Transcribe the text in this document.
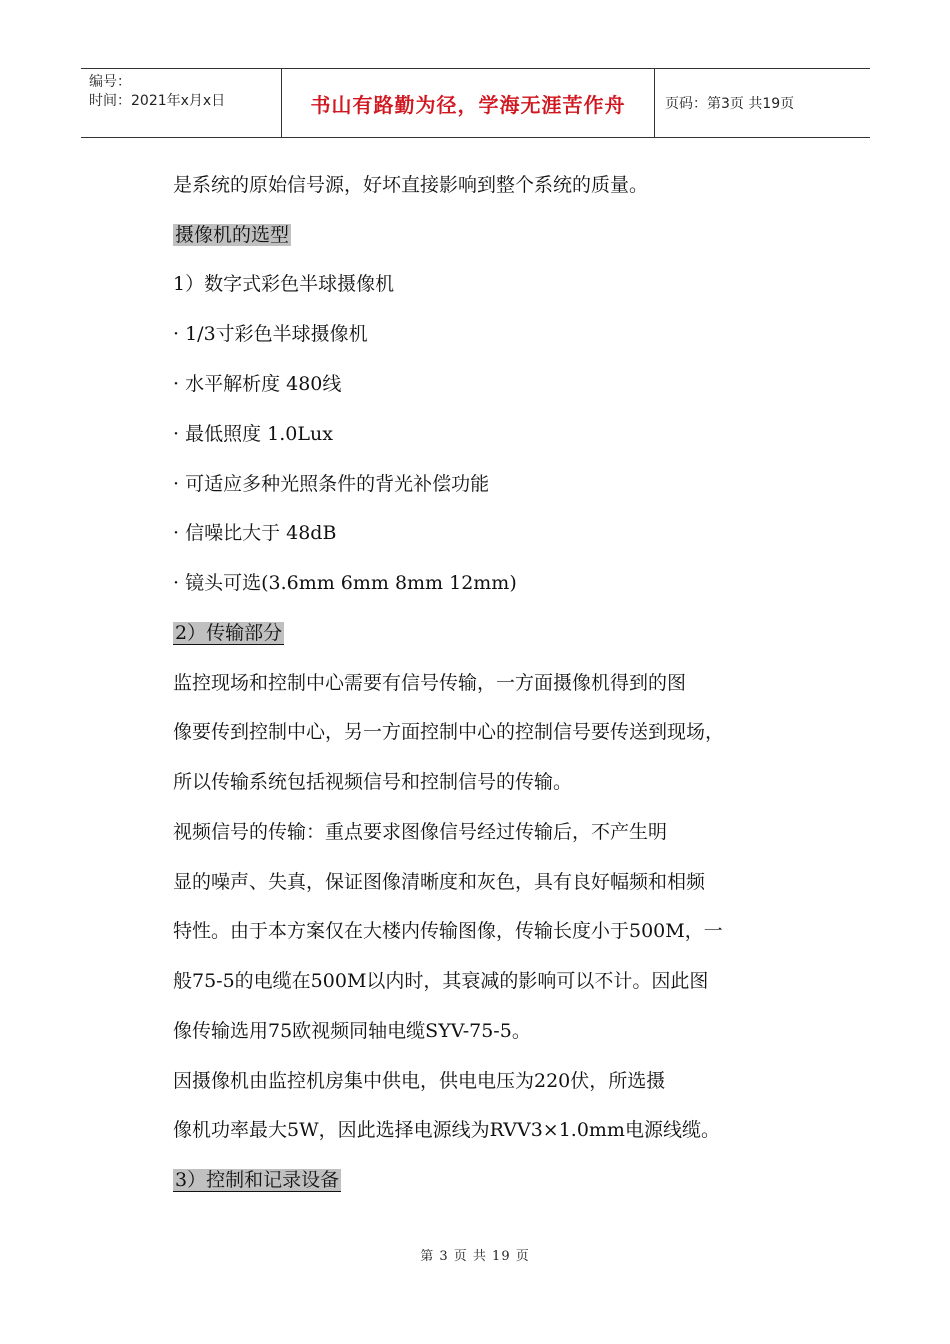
编号：
时间：2021年x月x日	书山有路勤为径，学海无涯苦作舟	页码：第3页 共19页
是系统的原始信号源，好坏直接影响到整个系统的质量。
摄像机的选型
1）数字式彩色半球摄像机
· 1/3寸彩色半球摄像机
· 水平解析度 480线
· 最低照度 1.0Lux
· 可适应多种光照条件的背光补偿功能
· 信噪比大于 48dB
· 镜头可选(3.6mm 6mm 8mm 12mm)
2）传输部分
监控现场和控制中心需要有信号传输，一方面摄像机得到的图
像要传到控制中心，另一方面控制中心的控制信号要传送到现场，
所以传输系统包括视频信号和控制信号的传输。
视频信号的传输：重点要求图像信号经过传输后，不产生明
显的噪声、失真，保证图像清晰度和灰色，具有良好幅频和相频
特性。由于本方案仅在大楼内传输图像，传输长度小于500M，一
般75-5的电缆在500M以内时，其衰减的影响可以不计。因此图
像传输选用75欧视频同轴电缆SYV-75-5。
因摄像机由监控机房集中供电，供电电压为220伏，所选摄
像机功率最大5W，因此选择电源线为RVV3×1.0mm电源线缆。
3）控制和记录设备
第 3 页 共 19 页
